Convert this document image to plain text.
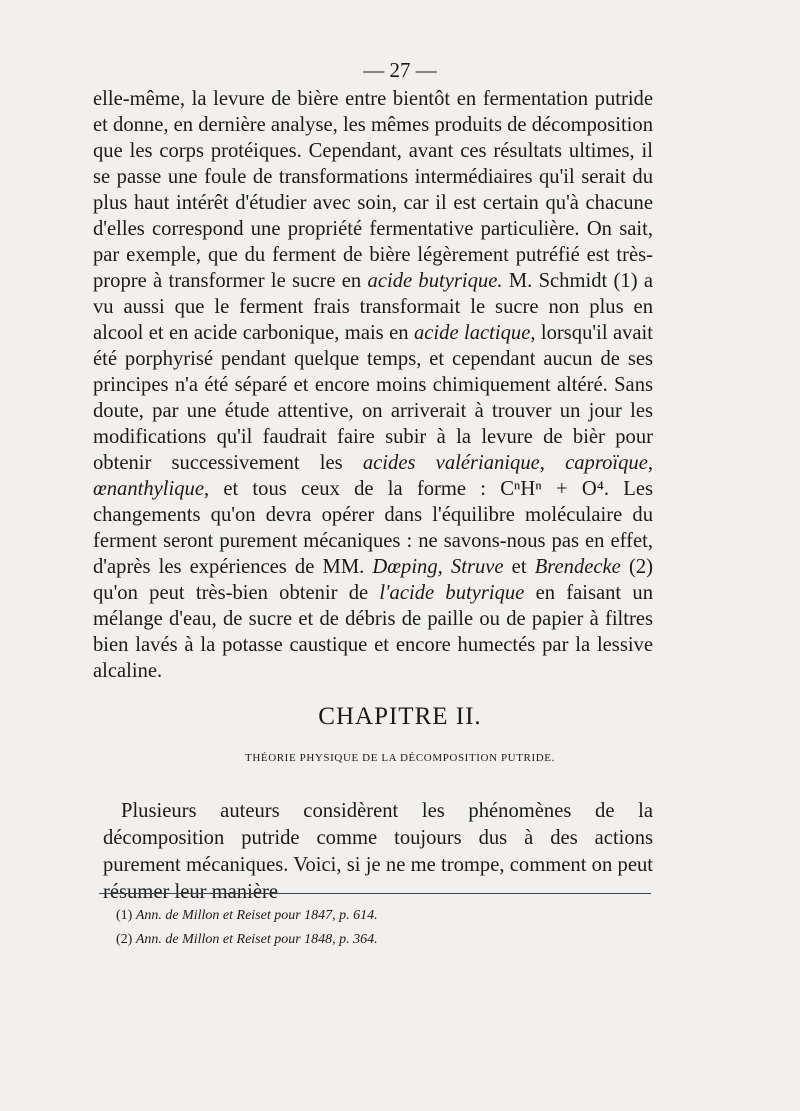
— 27 —

elle-même, la levure de bière entre bientôt en fermentation putride et donne, en dernière analyse, les mêmes produits de décomposition que les corps protéiques. Cependant, avant ces résultats ultimes, il se passe une foule de transformations intermédiaires qu'il serait du plus haut intérêt d'étudier avec soin, car il est certain qu'à chacune d'elles correspond une propriété fermentative particulière. On sait, par exemple, que du ferment de bière légèrement putréfié est très-propre à transformer le sucre en acide butyrique. M. Schmidt (1) a vu aussi que le ferment frais transformait le sucre non plus en alcool et en acide carbonique, mais en acide lactique, lorsqu'il avait été porphyrisé pendant quelque temps, et cependant aucun de ses principes n'a été séparé et encore moins chimiquement altéré. Sans doute, par une étude attentive, on arriverait à trouver un jour les modifications qu'il faudrait faire subir à la levure de bièr pour obtenir successivement les acides valérianique, caproïque, œnanthylique, et tous ceux de la forme : CⁿHⁿ + O⁴. Les changements qu'on devra opérer dans l'équilibre moléculaire du ferment seront purement mécaniques : ne savons-nous pas en effet, d'après les expériences de MM. Dœping, Struve et Brendecke (2) qu'on peut très-bien obtenir de l'acide butyrique en faisant un mélange d'eau, de sucre et de débris de paille ou de papier à filtres bien lavés à la potasse caustique et encore humectés par la lessive alcaline.

CHAPITRE II.
THÉORIE PHYSIQUE DE LA DÉCOMPOSITION PUTRIDE.

Plusieurs auteurs considèrent les phénomènes de la décomposition putride comme toujours dus à des actions purement mécaniques. Voici, si je ne me trompe, comment on peut résumer leur manière

(1) Ann. de Millon et Reiset pour 1847, p. 614.
(2) Ann. de Millon et Reiset pour 1848, p. 364.
